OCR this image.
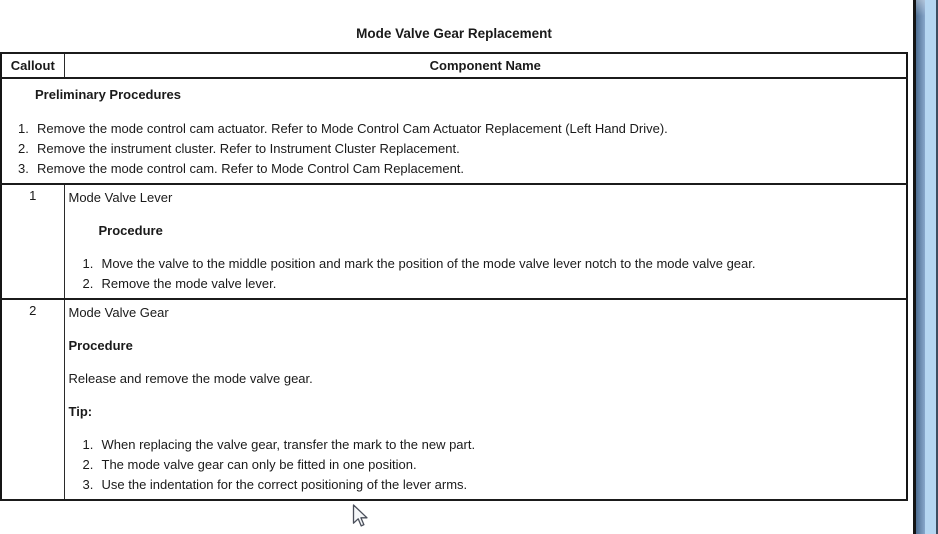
Mode Valve Gear Replacement
Callout	Component Name

Preliminary Procedures
Remove the mode control cam actuator. Refer to Mode Control Cam Actuator Replacement (Left Hand Drive).
Remove the instrument cluster. Refer to Instrument Cluster Replacement.
Remove the mode control cam. Refer to Mode Control Cam Replacement.

1	Mode Valve Lever
Procedure
Move the valve to the middle position and mark the position of the mode valve lever notch to the mode valve gear.
Remove the mode valve lever.

2	Mode Valve Gear
Procedure
Release and remove the mode valve gear.
Tip:
When replacing the valve gear, transfer the mark to the new part.
The mode valve gear can only be fitted in one position.
Use the indentation for the correct positioning of the lever arms.
